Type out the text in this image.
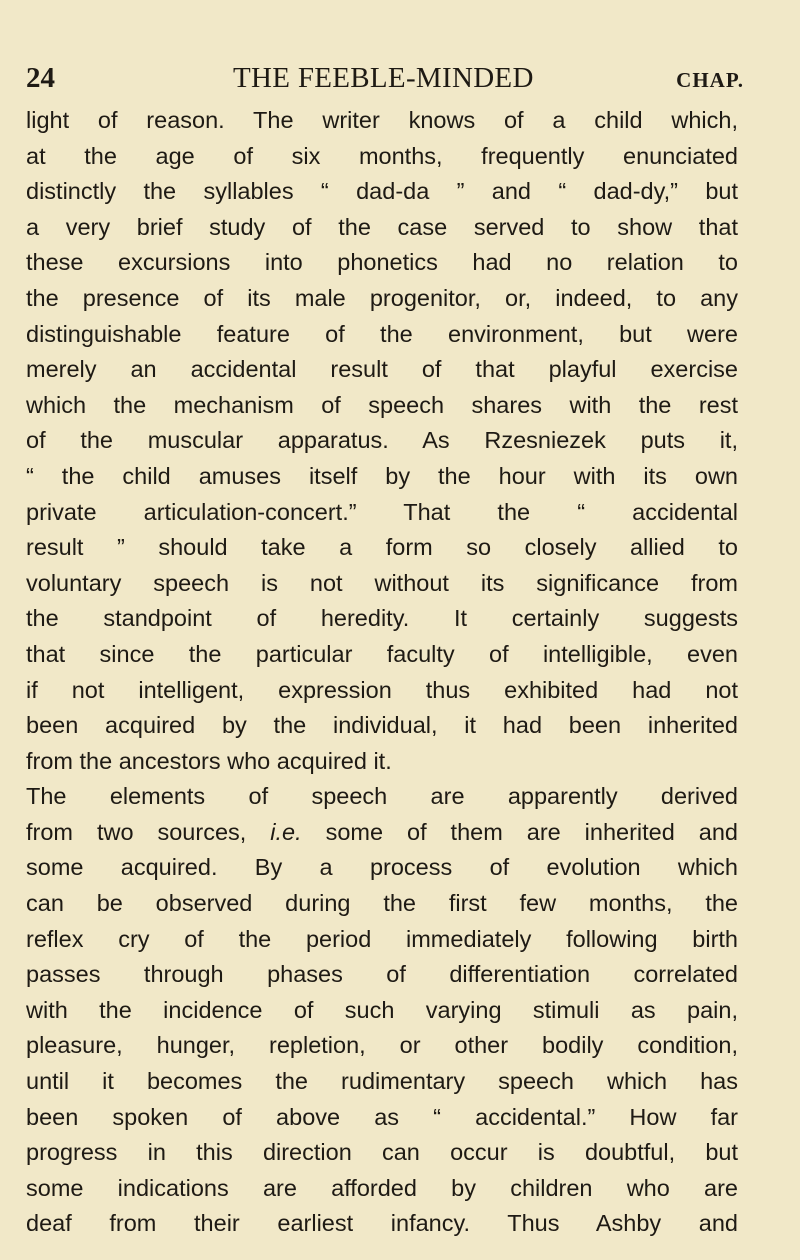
24	THE FEEBLE-MINDED	CHAP.
light of reason. The writer knows of a child which,
at the age of six months, frequently enunciated
distinctly the syllables “ dad-da ” and “ dad-dy,” but
a very brief study of the case served to show that
these excursions into phonetics had no relation to
the presence of its male progenitor, or, indeed, to any
distinguishable feature of the environment, but were
merely an accidental result of that playful exercise
which the mechanism of speech shares with the rest
of the muscular apparatus. As Rzesniezek puts it,
“ the child amuses itself by the hour with its own
private articulation-concert.” That the “ accidental
result ” should take a form so closely allied to
voluntary speech is not without its significance from
the standpoint of heredity. It certainly suggests
that since the particular faculty of intelligible, even
if not intelligent, expression thus exhibited had not
been acquired by the individual, it had been inherited
from the ancestors who acquired it.
The elements of speech are apparently derived
from two sources, i.e. some of them are inherited and
some acquired. By a process of evolution which
can be observed during the first few months, the
reflex cry of the period immediately following birth
passes through phases of differentiation correlated
with the incidence of such varying stimuli as pain,
pleasure, hunger, repletion, or other bodily condition,
until it becomes the rudimentary speech which has
been spoken of above as “ accidental.” How far
progress in this direction can occur is doubtful, but
some indications are afforded by children who are
deaf from their earliest infancy. Thus Ashby and
